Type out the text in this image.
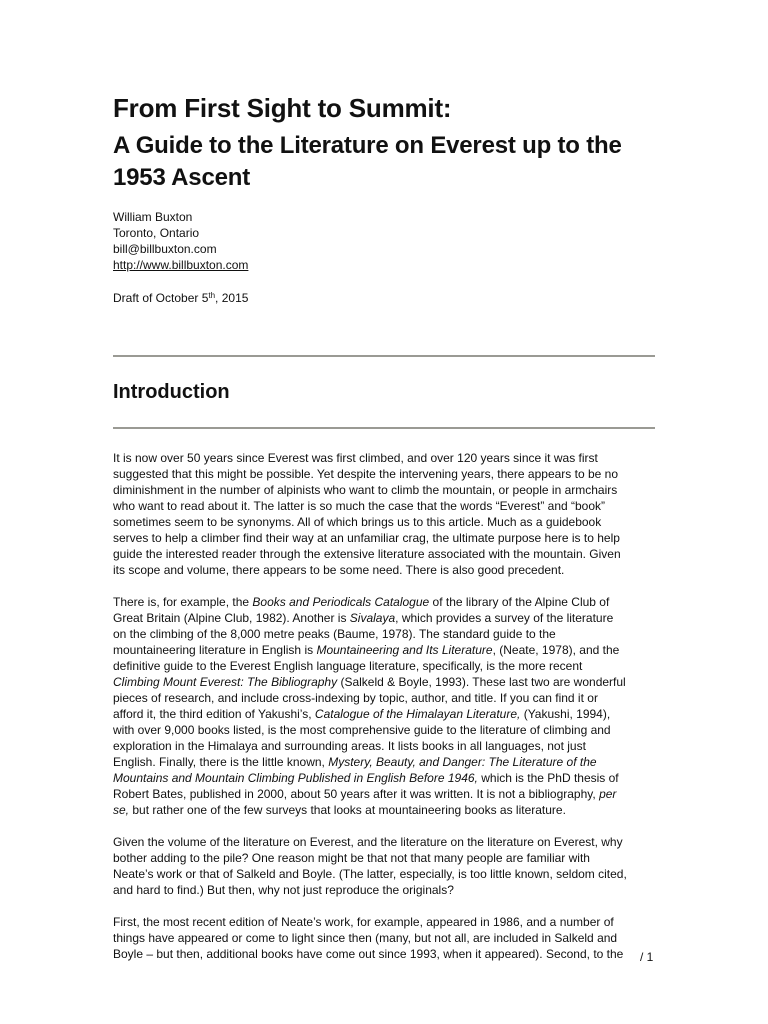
From First Sight to Summit:
A Guide to the Literature on Everest up to the 1953 Ascent
William Buxton
Toronto, Ontario
bill@billbuxton.com
http://www.billbuxton.com
Draft of October 5th, 2015
Introduction

It is now over 50 years since Everest was first climbed, and over 120 years since it was first
suggested that this might be possible. Yet despite the intervening years, there appears to be no
diminishment in the number of alpinists who want to climb the mountain, or people in armchairs
who want to read about it. The latter is so much the case that the words “Everest” and “book”
sometimes seem to be synonyms. All of which brings us to this article. Much as a guidebook
serves to help a climber find their way at an unfamiliar crag, the ultimate purpose here is to help
guide the interested reader through the extensive literature associated with the mountain. Given
its scope and volume, there appears to be some need. There is also good precedent.

There is, for example, the Books and Periodicals Catalogue of the library of the Alpine Club of
Great Britain (Alpine Club, 1982). Another is Sivalaya, which provides a survey of the literature
on the climbing of the 8,000 metre peaks (Baume, 1978). The standard guide to the
mountaineering literature in English is Mountaineering and Its Literature, (Neate, 1978), and the
definitive guide to the Everest English language literature, specifically, is the more recent
Climbing Mount Everest: The Bibliography (Salkeld & Boyle, 1993). These last two are wonderful
pieces of research, and include cross-indexing by topic, author, and title. If you can find it or
afford it, the third edition of Yakushi’s, Catalogue of the Himalayan Literature, (Yakushi, 1994),
with over 9,000 books listed, is the most comprehensive guide to the literature of climbing and
exploration in the Himalaya and surrounding areas. It lists books in all languages, not just
English. Finally, there is the little known, Mystery, Beauty, and Danger: The Literature of the
Mountains and Mountain Climbing Published in English Before 1946, which is the PhD thesis of
Robert Bates, published in 2000, about 50 years after it was written. It is not a bibliography, per
se, but rather one of the few surveys that looks at mountaineering books as literature.

Given the volume of the literature on Everest, and the literature on the literature on Everest, why
bother adding to the pile? One reason might be that not that many people are familiar with
Neate’s work or that of Salkeld and Boyle. (The latter, especially, is too little known, seldom cited,
and hard to find.) But then, why not just reproduce the originals?

First, the most recent edition of Neate’s work, for example, appeared in 1986, and a number of
things have appeared or come to light since then (many, but not all, are included in Salkeld and
Boyle – but then, additional books have come out since 1993, when it appeared). Second, to the	/ 1
